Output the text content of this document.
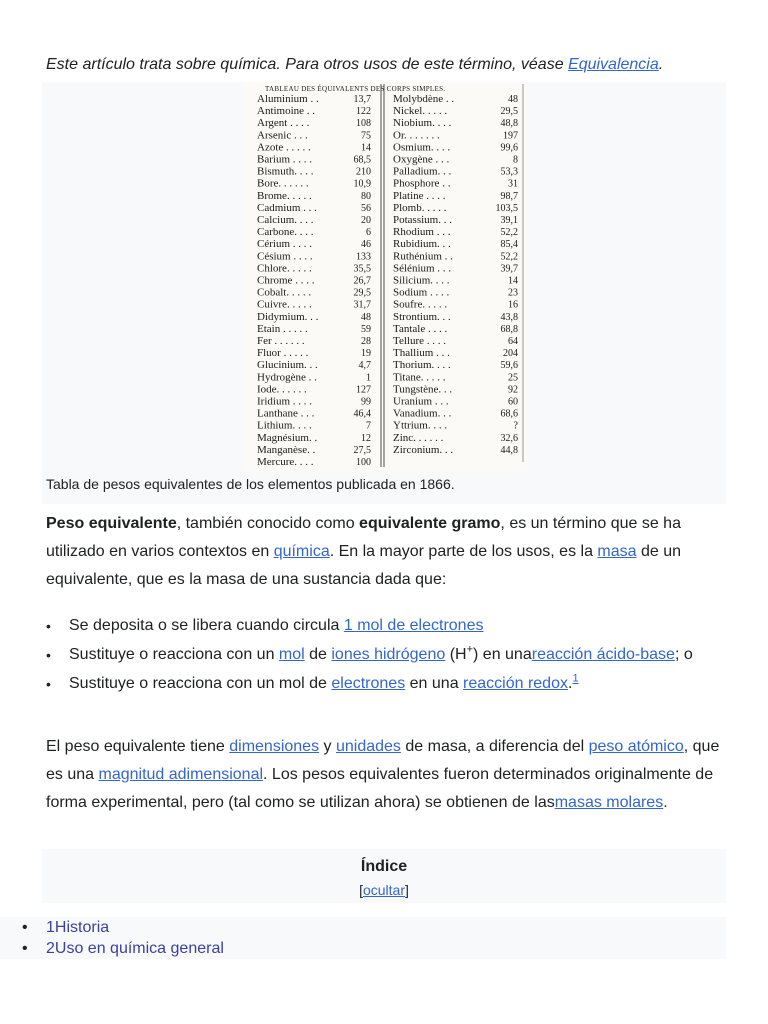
Este artículo trata sobre química. Para otros usos de este término, véase Equivalencia.
TABLEAU DES ÉQUIVALENTS DES CORPS SIMPLES.
Aluminium . .	13,7
Antimoine . .	122
Argent . . . .	108
Arsenic . . .	75
Azote . . . . .	14
Barium . . . .	68,5
Bismuth. . . .	210
Bore. . . . . .	10,9
Brome. . . . .	80
Cadmium . . .	56
Calcium. . . .	20
Carbone. . . .	6
Cérium . . . .	46
Césium . . . .	133
Chlore. . . . .	35,5
Chrome . . . .	26,7
Cobalt. . . . .	29,5
Cuivre. . . . .	31,7
Didymium. . .	48
Etain . . . . .	59
Fer . . . . . .	28
Fluor . . . . .	19
Glucinium. . .	4,7
Hydrogène . .	1
Iode. . . . . .	127
Iridium . . . .	99
Lanthane . . .	46,4
Lithium. . . .	7
Magnésium. .	12
Manganèse. .	27,5
Mercure. . . .	100
Molybdène . .	48
Nickel. . . . .	29,5
Niobium. . . .	48,8
Or. . . . . . .	197
Osmium. . . .	99,6
Oxygène . . .	8
Palladium. . .	53,3
Phosphore . .	31
Platine . . . .	98,7
Plomb. . . . .	103,5
Potassium. . .	39,1
Rhodium . . .	52,2
Rubidium. . .	85,4
Ruthénium . .	52,2
Sélénium . . .	39,7
Silicium. . . .	14
Sodium . . . .	23
Soufre. . . . .	16
Strontium. . .	43,8
Tantale . . . .	68,8
Tellure . . . .	64
Thallium . . .	204
Thorium. . . .	59,6
Titane. . . . .	25
Tungstène. . .	92
Uranium . . .	60
Vanadium. . .	68,6
Yttrium. . . .	?
Zinc. . . . . .	32,6
Zirconium. . .	44,8
Tabla de pesos equivalentes de los elementos publicada en 1866.
Peso equivalente, también conocido como equivalente gramo, es un término que se ha utilizado en varios contextos en química. En la mayor parte de los usos, es la masa de un equivalente, que es la masa de una sustancia dada que:
• Se deposita o se libera cuando circula 1 mol de electrones
• Sustituye o reacciona con un mol de iones hidrógeno (H+) en unareacción ácido-base; o
• Sustituye o reacciona con un mol de electrones en una reacción redox.$^1$
El peso equivalente tiene dimensiones y unidades de masa, a diferencia del peso atómico, que es una magnitud adimensional. Los pesos equivalentes fueron determinados originalmente de forma experimental, pero (tal como se utilizan ahora) se obtienen de lasmasas molares.
Índice
[ocultar]
• 1Historia
• 2Uso en química general
